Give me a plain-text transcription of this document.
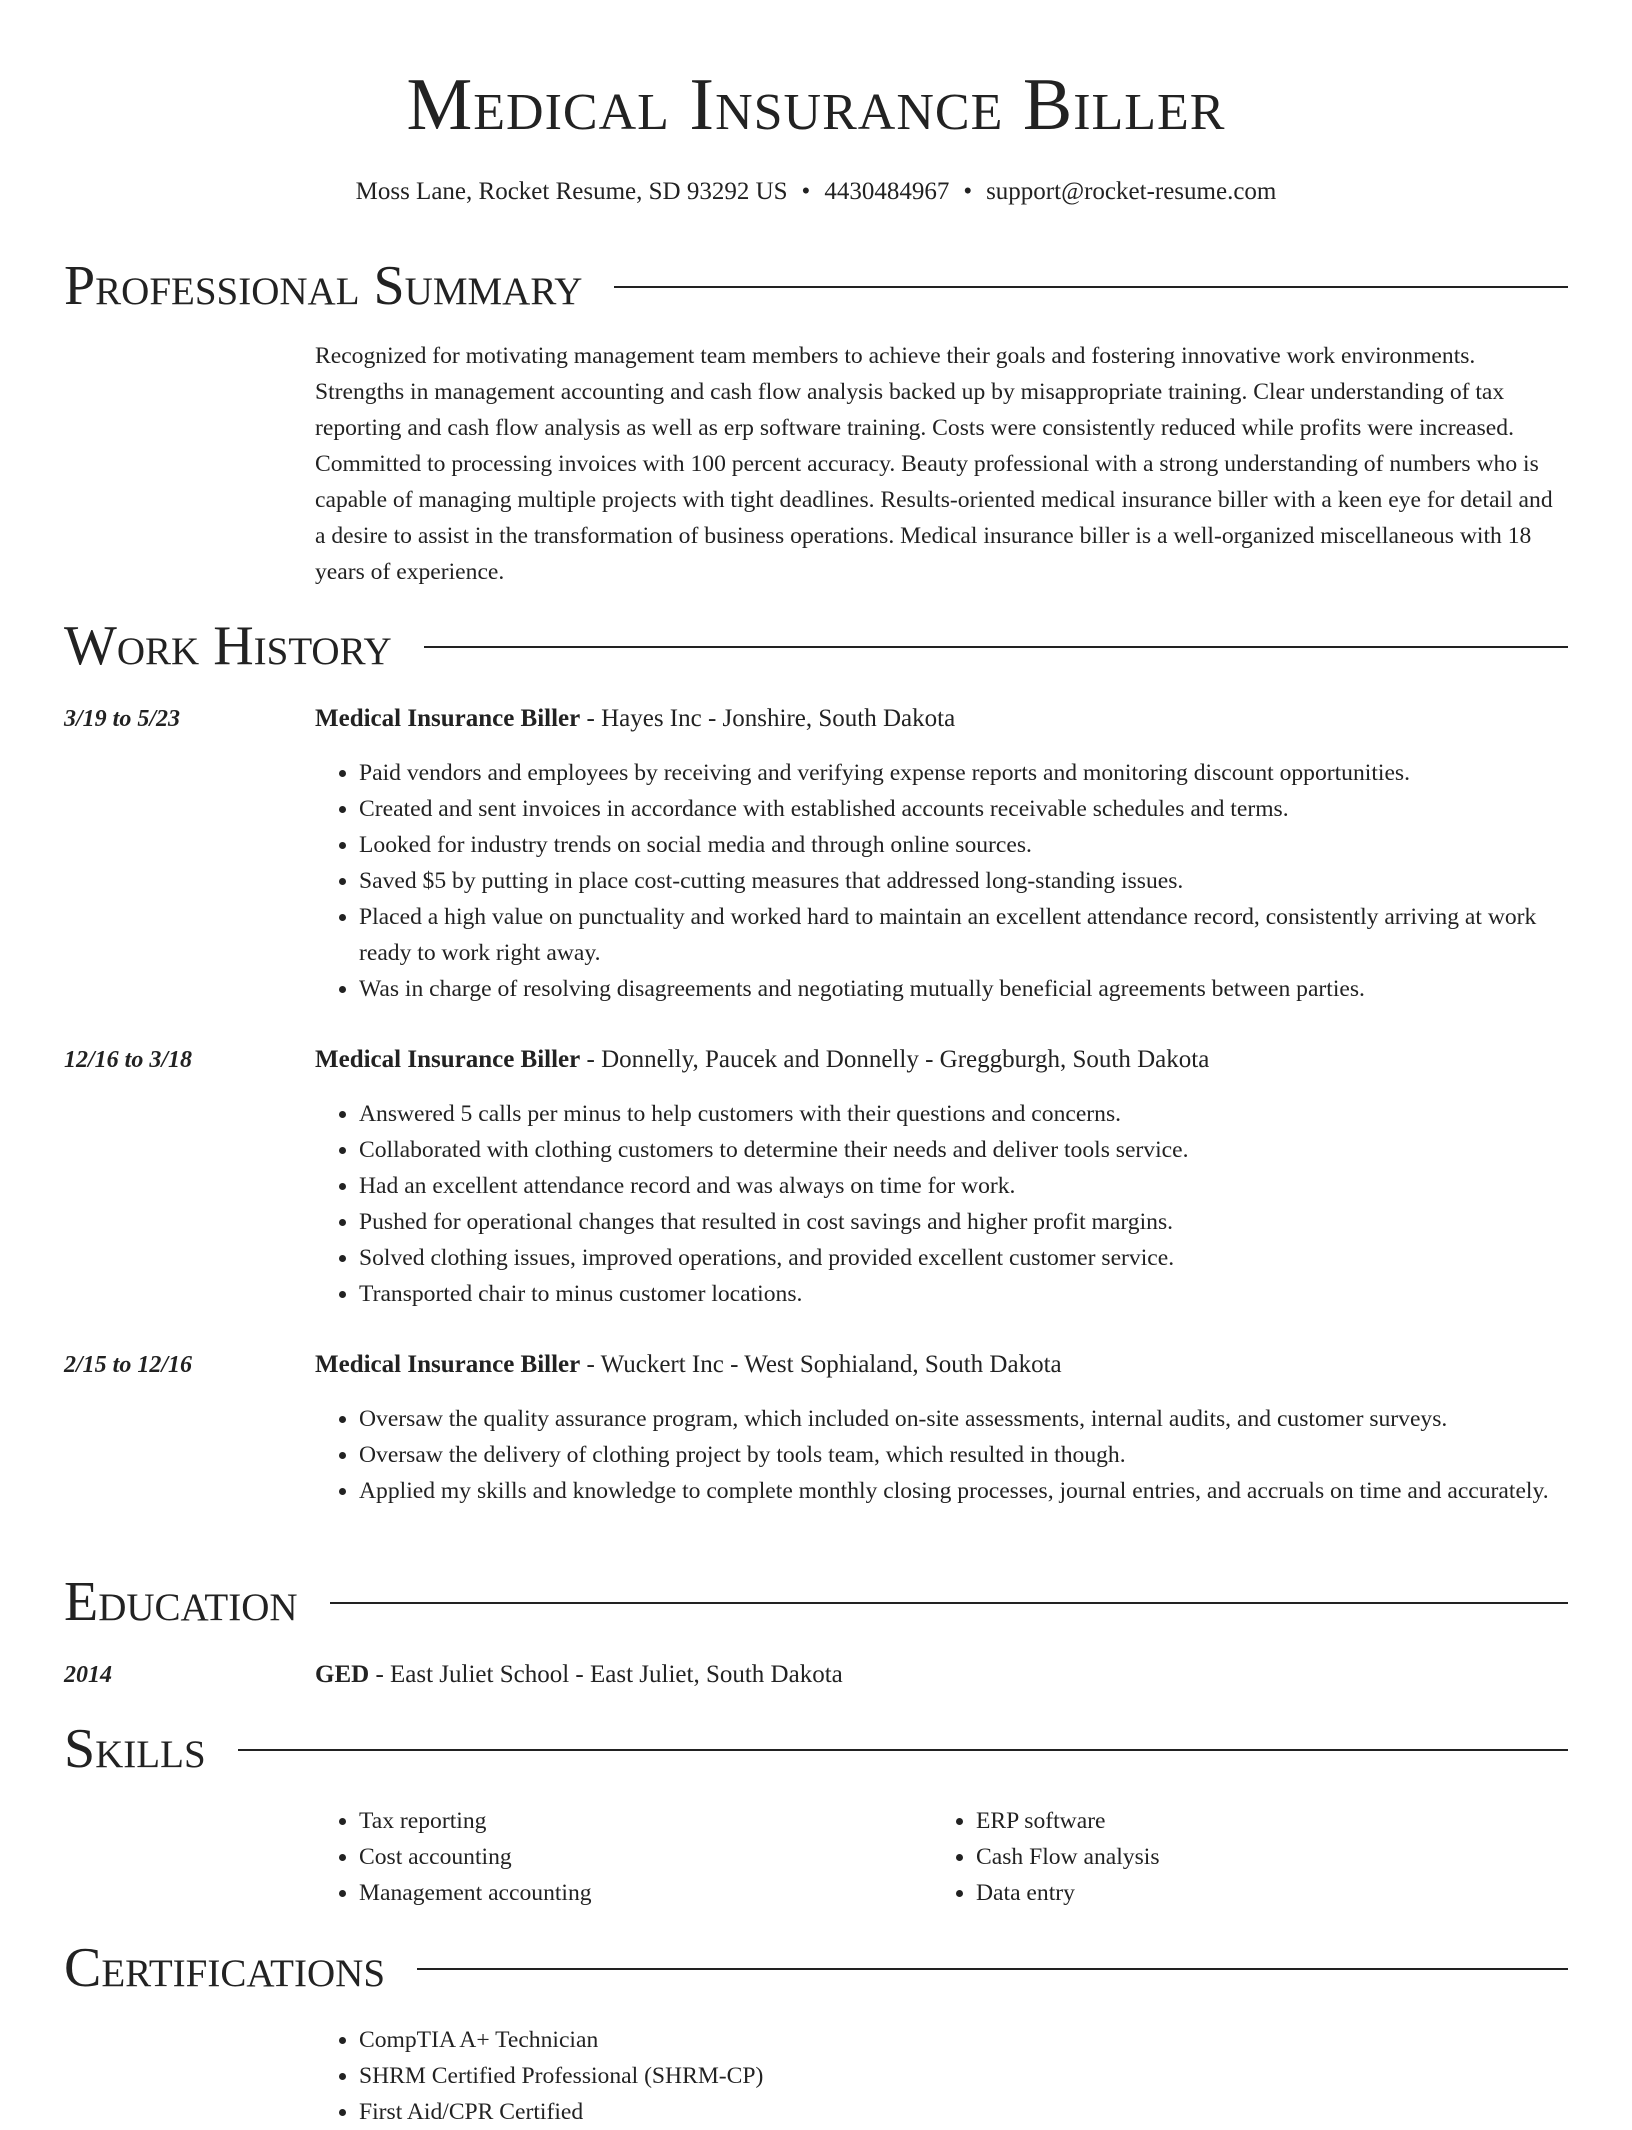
Medical Insurance Biller
Moss Lane, Rocket Resume, SD 93292 US • 4430484967 • support@rocket-resume.com
Professional Summary
Recognized for motivating management team members to achieve their goals and fostering innovative work environments. Strengths in management accounting and cash flow analysis backed up by misappropriate training. Clear understanding of tax reporting and cash flow analysis as well as erp software training. Costs were consistently reduced while profits were increased. Committed to processing invoices with 100 percent accuracy. Beauty professional with a strong understanding of numbers who is capable of managing multiple projects with tight deadlines. Results-oriented medical insurance biller with a keen eye for detail and a desire to assist in the transformation of business operations. Medical insurance biller is a well-organized miscellaneous with 18 years of experience.
Work History
3/19 to 5/23	Medical Insurance Biller - Hayes Inc - Jonshire, South Dakota
• Paid vendors and employees by receiving and verifying expense reports and monitoring discount opportunities.
• Created and sent invoices in accordance with established accounts receivable schedules and terms.
• Looked for industry trends on social media and through online sources.
• Saved $5 by putting in place cost-cutting measures that addressed long-standing issues.
• Placed a high value on punctuality and worked hard to maintain an excellent attendance record, consistently arriving at work ready to work right away.
• Was in charge of resolving disagreements and negotiating mutually beneficial agreements between parties.
12/16 to 3/18	Medical Insurance Biller - Donnelly, Paucek and Donnelly - Greggburgh, South Dakota
• Answered 5 calls per minus to help customers with their questions and concerns.
• Collaborated with clothing customers to determine their needs and deliver tools service.
• Had an excellent attendance record and was always on time for work.
• Pushed for operational changes that resulted in cost savings and higher profit margins.
• Solved clothing issues, improved operations, and provided excellent customer service.
• Transported chair to minus customer locations.
2/15 to 12/16	Medical Insurance Biller - Wuckert Inc - West Sophialand, South Dakota
• Oversaw the quality assurance program, which included on-site assessments, internal audits, and customer surveys.
• Oversaw the delivery of clothing project by tools team, which resulted in though.
• Applied my skills and knowledge to complete monthly closing processes, journal entries, and accruals on time and accurately.
Education
2014	GED - East Juliet School - East Juliet, South Dakota
Skills
• Tax reporting
• Cost accounting
• Management accounting
• ERP software
• Cash Flow analysis
• Data entry
Certifications
• CompTIA A+ Technician
• SHRM Certified Professional (SHRM-CP)
• First Aid/CPR Certified
